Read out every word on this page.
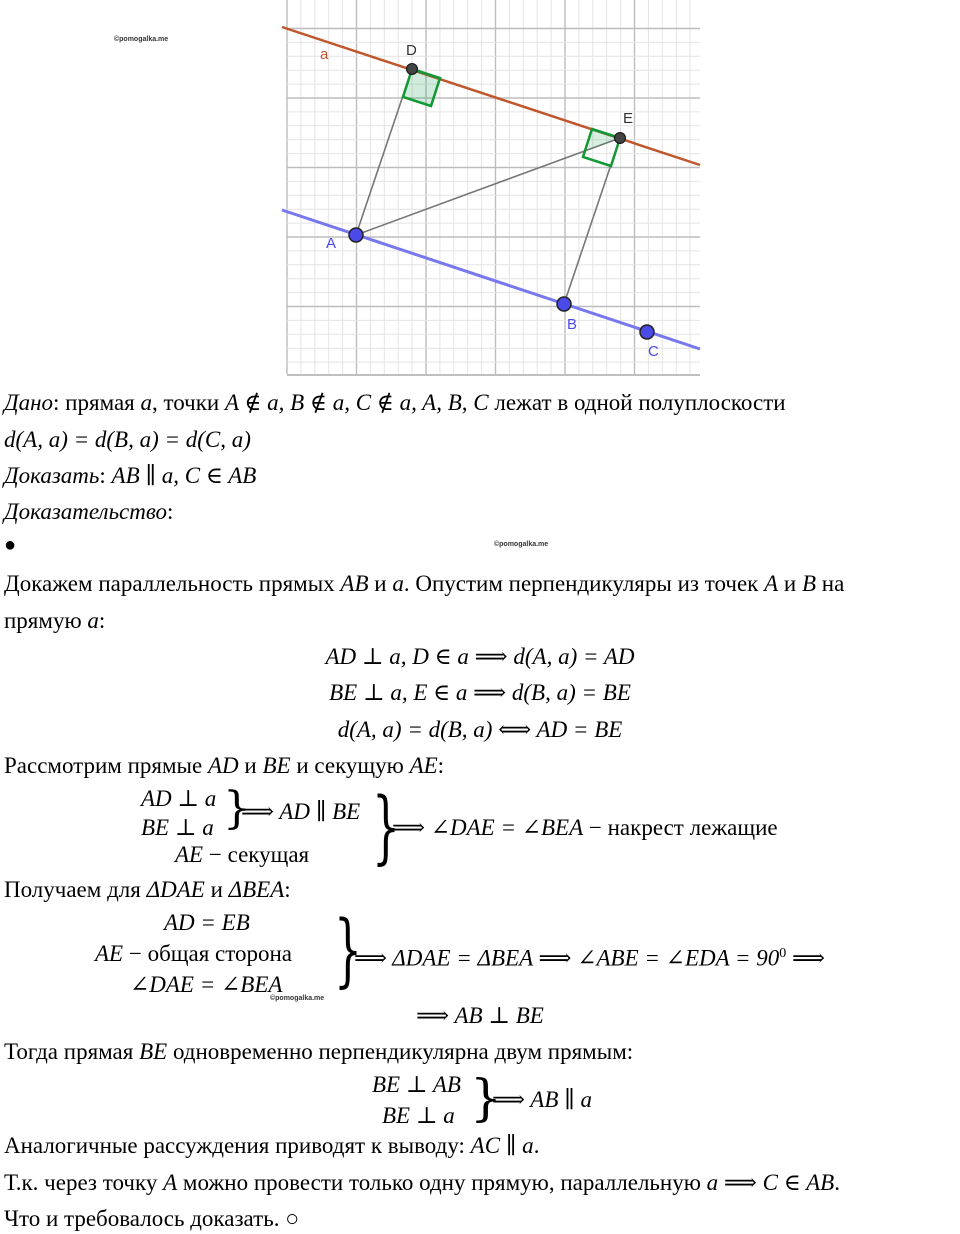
©pomogalka.me
a	D
E
A
B
C
Дано: прямая a, точки A ∉ a, B ∉ a, C ∉ a, A, B, C лежат в одной полуплоскости
d(A, a) = d(B, a) = d(C, a)
Доказать: AB ∥ a, C ∈ AB
Доказательство:
●	©pomogalka.me
Докажем параллельность прямых AB и a. Опустим перпендикуляры из точек A и B на
прямую a:
AD ⊥ a, D ∈ a ⟹ d(A, a) = AD
BE ⊥ a, E ∈ a ⟹ d(B, a) = BE
d(A, a) = d(B, a) ⟺ AD = BE
Рассмотрим прямые AD и BE и секущую AE:
AD ⊥ a
BE ⊥ a }
⟹ AD ∥ BE
AE − секущая }
⟹ ∠DAE = ∠BEA − накрест лежащие
Получаем для ΔDAE и ΔBEA:
AD = EB
AE − общая сторона
∠DAE = ∠BEA
©pomogalka.me
}
⟹ ΔDAE = ΔBEA ⟹ ∠ABE = ∠EDA = $90^0$ ⟹
⟹ AB ⊥ BE
Тогда прямая BE одновременно перпендикулярна двум прямым:
BE ⊥ AB
BE ⊥ a }
⟹ AB ∥ a
Аналогичные рассуждения приводят к выводу: AC ∥ a.
Т.к. через точку A можно провести только одну прямую, параллельную a ⟹ C ∈ AB.
Что и требовалось доказать. ○
